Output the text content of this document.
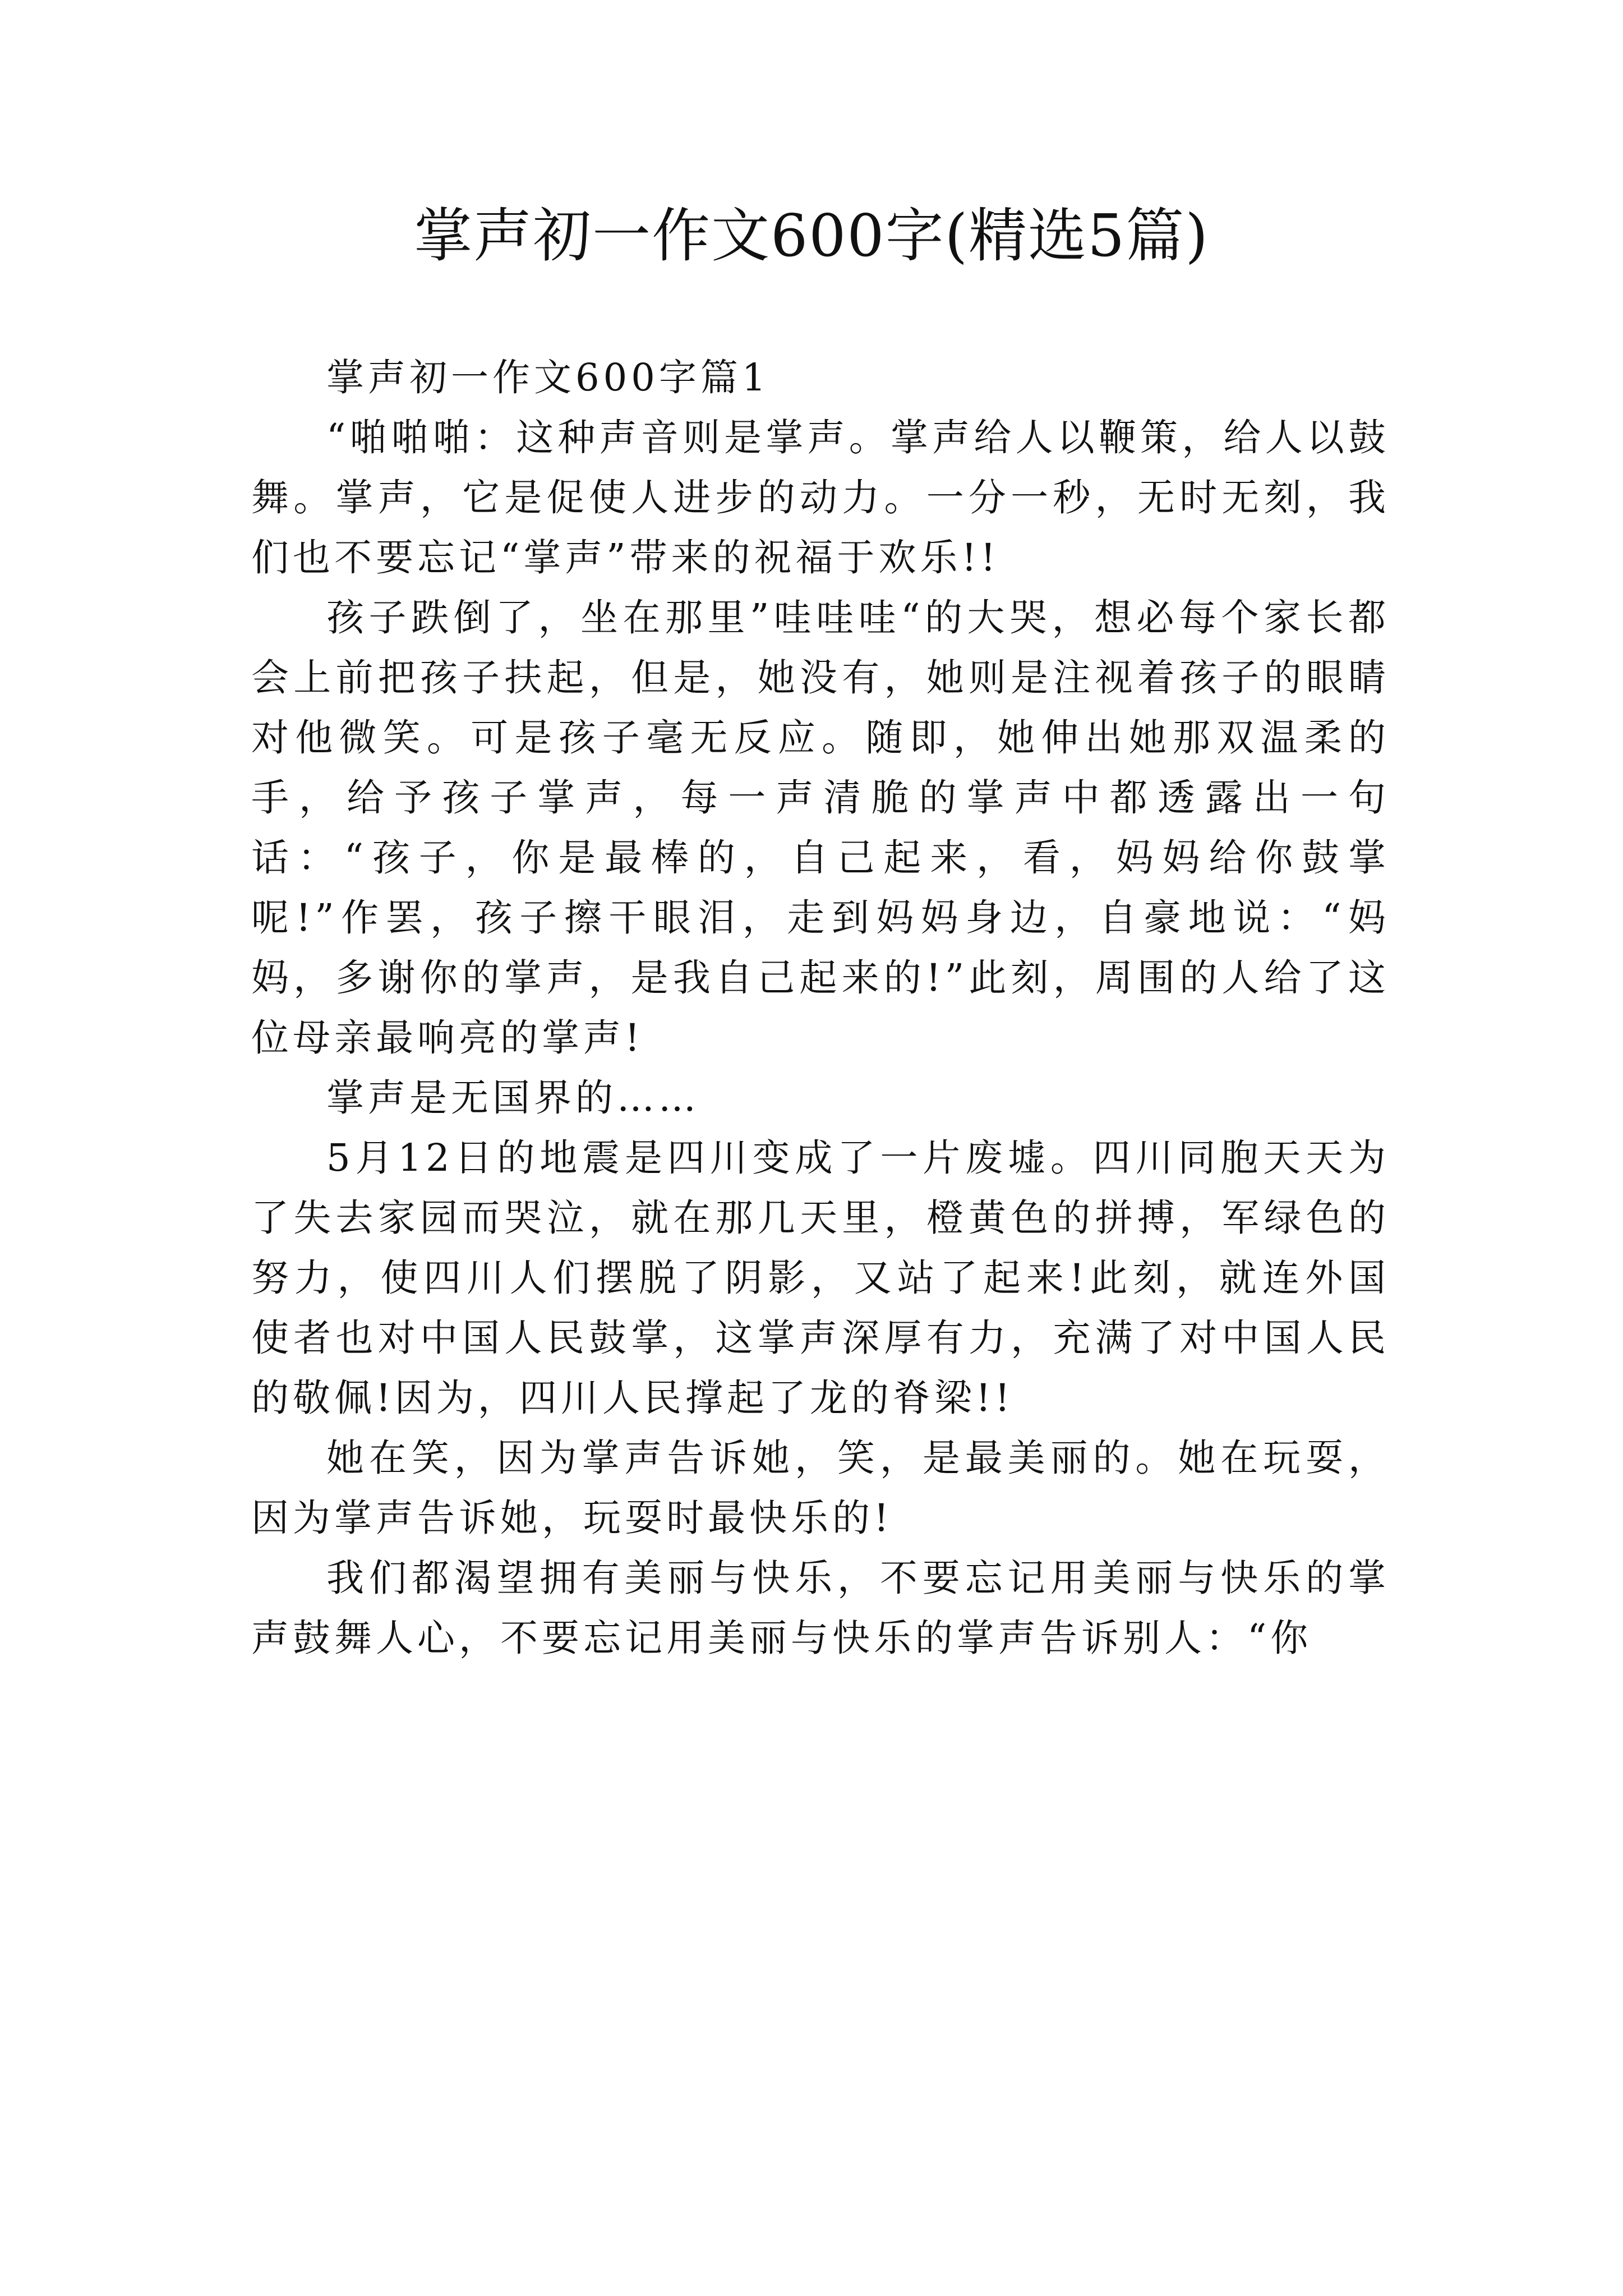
掌声初一作文600字(精选5篇)

掌声初一作文600字篇1

“啪啪啪：这种声音则是掌声。掌声给人以鞭策，给人以鼓舞。掌声，它是促使人进步的动力。一分一秒，无时无刻，我们也不要忘记“掌声”带来的祝福于欢乐!!

孩子跌倒了，坐在那里”哇哇哇“的大哭，想必每个家长都会上前把孩子扶起，但是，她没有，她则是注视着孩子的眼睛对他微笑。可是孩子毫无反应。随即，她伸出她那双温柔的手，给予孩子掌声，每一声清脆的掌声中都透露出一句话：“孩子，你是最棒的，自己起来，看，妈妈给你鼓掌呢!”作罢，孩子擦干眼泪，走到妈妈身边，自豪地说：“妈妈，多谢你的掌声，是我自己起来的!”此刻，周围的人给了这位母亲最响亮的掌声!

掌声是无国界的……

5月12日的地震是四川变成了一片废墟。四川同胞天天为了失去家园而哭泣，就在那几天里，橙黄色的拼搏，军绿色的努力，使四川人们摆脱了阴影，又站了起来!此刻，就连外国使者也对中国人民鼓掌，这掌声深厚有力，充满了对中国人民的敬佩!因为，四川人民撑起了龙的脊梁!!

她在笑，因为掌声告诉她，笑，是最美丽的。她在玩耍，因为掌声告诉她，玩耍时最快乐的!

我们都渴望拥有美丽与快乐，不要忘记用美丽与快乐的掌声鼓舞人心，不要忘记用美丽与快乐的掌声告诉别人：“你
